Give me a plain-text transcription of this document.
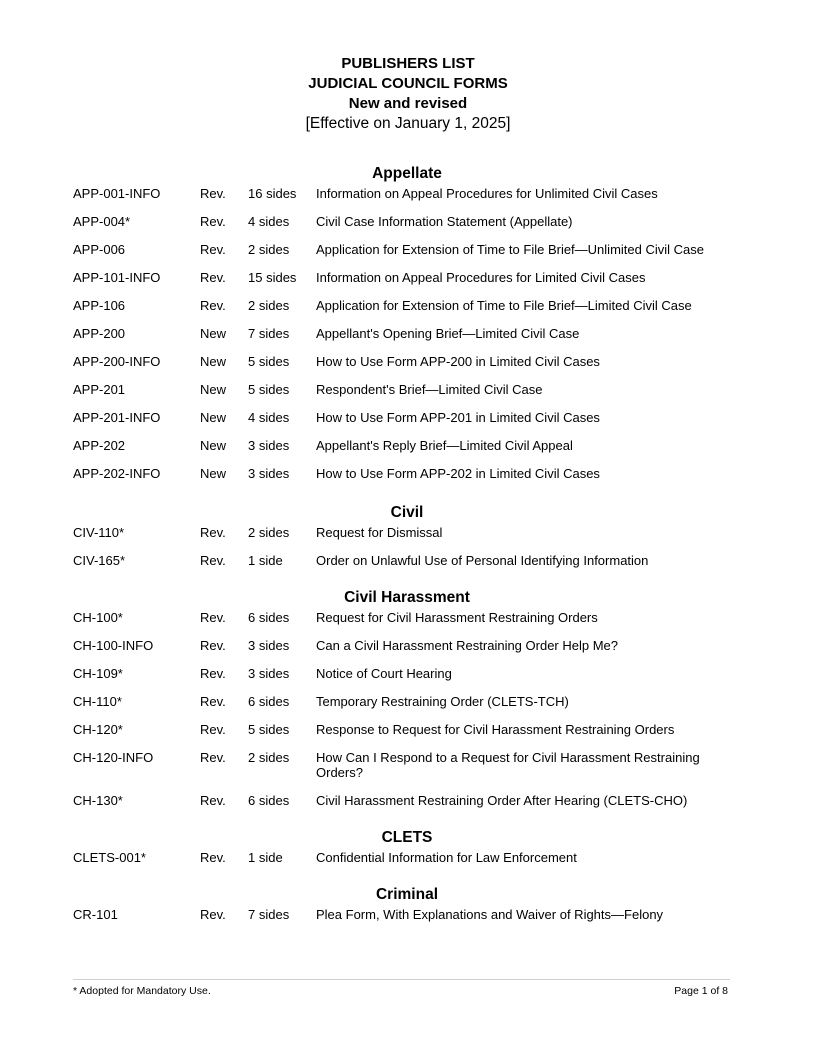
PUBLISHERS LIST
JUDICIAL COUNCIL FORMS
New and revised
[Effective on January 1, 2025]
Appellate
APP-001-INFO	Rev. 16 sides Information on Appeal Procedures for Unlimited Civil Cases
APP-004*	Rev. 4 sides Civil Case Information Statement (Appellate)
APP-006	Rev. 2 sides Application for Extension of Time to File Brief—Unlimited Civil Case
APP-101-INFO	Rev. 15 sides Information on Appeal Procedures for Limited Civil Cases
APP-106	Rev. 2 sides Application for Extension of Time to File Brief—Limited Civil Case
APP-200	New 7 sides Appellant's Opening Brief—Limited Civil Case
APP-200-INFO	New 5 sides How to Use Form APP-200 in Limited Civil Cases
APP-201	New 5 sides Respondent's Brief—Limited Civil Case
APP-201-INFO	New 4 sides How to Use Form APP-201 in Limited Civil Cases
APP-202	New 3 sides Appellant's Reply Brief—Limited Civil Appeal
APP-202-INFO	New 3 sides How to Use Form APP-202 in Limited Civil Cases
Civil
CIV-110*	Rev. 2 sides Request for Dismissal
CIV-165*	Rev. 1 side	Order on Unlawful Use of Personal Identifying Information
Civil Harassment
CH-100*	Rev. 6 sides Request for Civil Harassment Restraining Orders
CH-100-INFO	Rev. 3 sides Can a Civil Harassment Restraining Order Help Me?
CH-109*	Rev. 3 sides Notice of Court Hearing
CH-110*	Rev. 6 sides Temporary Restraining Order (CLETS-TCH)
CH-120*	Rev. 5 sides Response to Request for Civil Harassment Restraining Orders
CH-120-INFO	Rev. 2 sides How Can I Respond to a Request for Civil Harassment Restraining Orders?
CH-130*	Rev. 6 sides Civil Harassment Restraining Order After Hearing (CLETS-CHO)
CLETS
CLETS-001*	Rev. 1 side	Confidential Information for Law Enforcement
Criminal
CR-101	Rev. 7 sides Plea Form, With Explanations and Waiver of Rights—Felony
* Adopted for Mandatory Use.	Page 1 of 8
